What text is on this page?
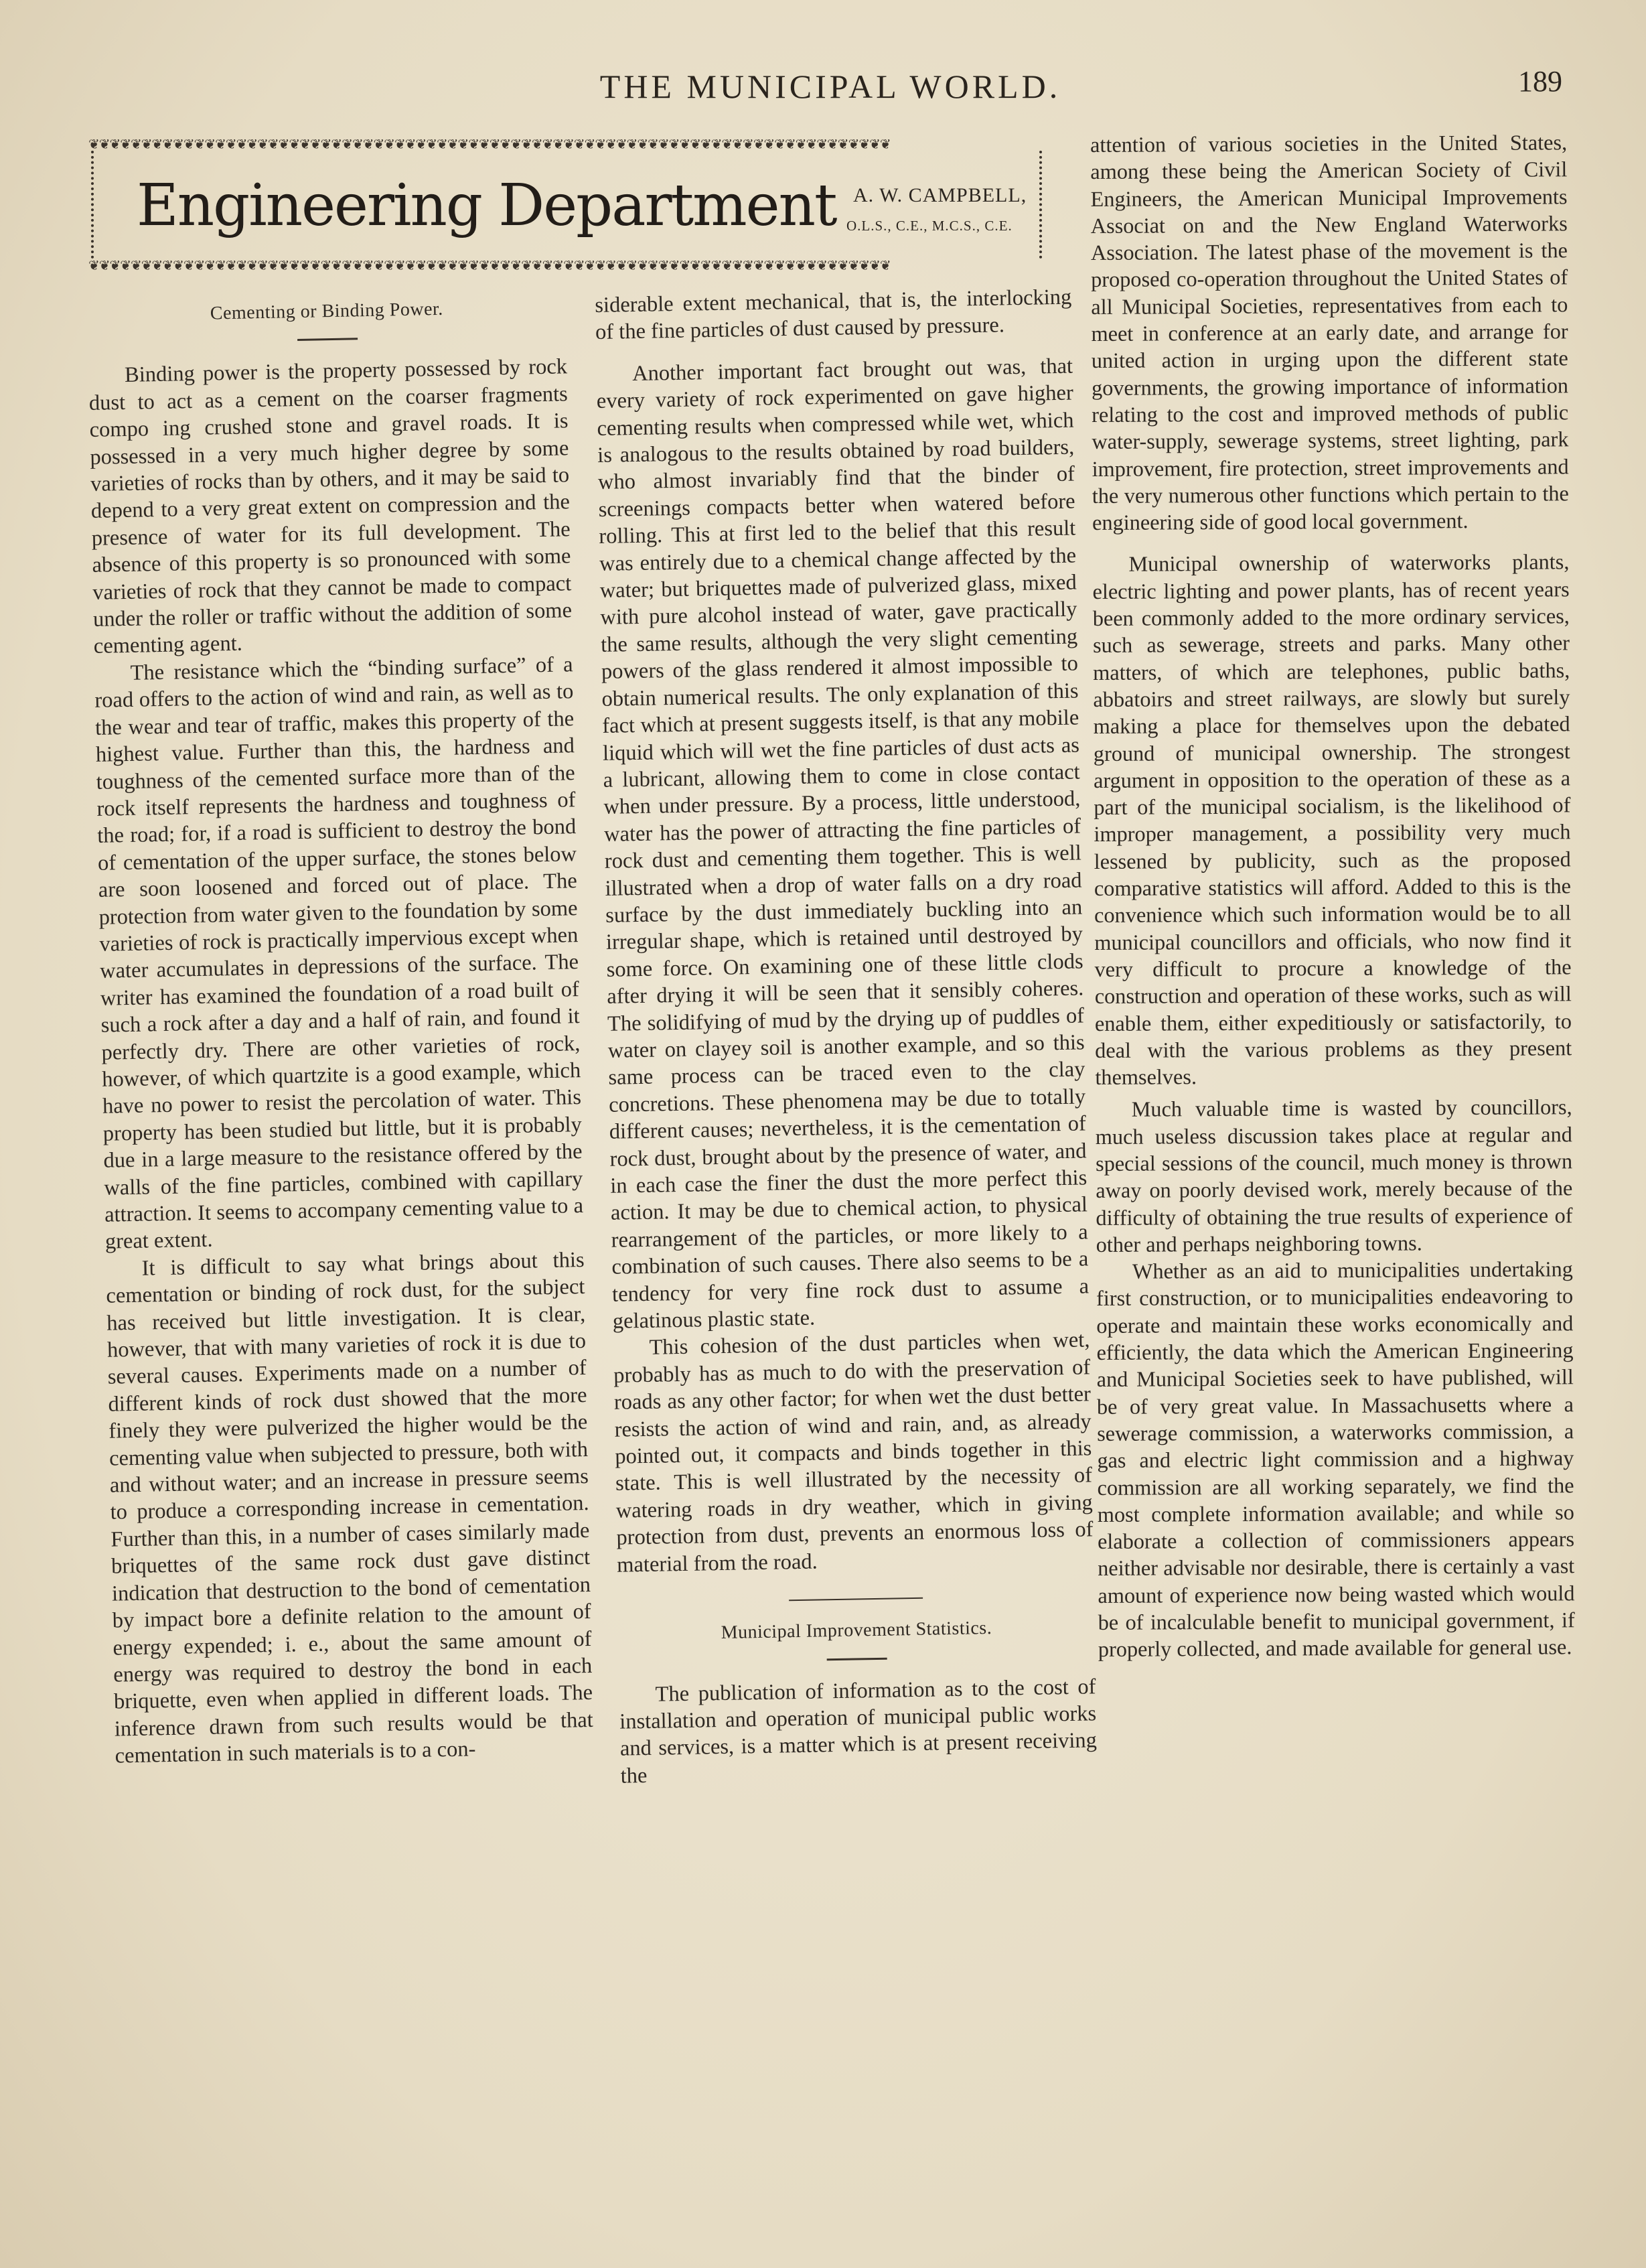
THE MUNICIPAL WORLD.	189
❦❦❦❦❦❦❦❦❦❦❦❦❦❦❦❦❦❦❦❦❦❦❦❦❦❦❦❦❦❦❦❦❦❦❦❦❦❦❦❦❦❦❦❦❦❦❦❦❦❦❦❦❦❦❦❦❦❦❦❦❦❦❦❦❦❦❦❦❦❦❦❦❦❦❦❦
Engineering Department A. W. CAMPBELL,
O.L.S., C.E., M.C.S., C.E.
❦❦❦❦❦❦❦❦❦❦❦❦❦❦❦❦❦❦❦❦❦❦❦❦❦❦❦❦❦❦❦❦❦❦❦❦❦❦❦❦❦❦❦❦❦❦❦❦❦❦❦❦❦❦❦❦❦❦❦❦❦❦❦❦❦❦❦❦❦❦❦❦❦❦❦❦

Cementing or Binding Power.

Binding power is the property possessed by rock dust to act as a cement on the coarser fragments compo ing crushed stone and gravel roads. It is possessed in a very much higher degree by some varieties of rocks than by others, and it may be said to depend to a very great extent on compression and the presence of water for its full development. The absence of this property is so pronounced with some varieties of rock that they cannot be made to compact under the roller or traffic without the addition of some cementing agent.

The resistance which the “binding surface” of a road offers to the action of wind and rain, as well as to the wear and tear of traffic, makes this property of the highest value. Further than this, the hardness and toughness of the cemented surface more than of the rock itself represents the hardness and toughness of the road; for, if a road is sufficient to destroy the bond of cementation of the upper surface, the stones below are soon loosened and forced out of place. The protection from water given to the foundation by some varieties of rock is practically impervious except when water accumulates in depressions of the surface. The writer has examined the foundation of a road built of such a rock after a day and a half of rain, and found it perfectly dry. There are other varieties of rock, however, of which quartzite is a good example, which have no power to resist the percolation of water. This property has been studied but little, but it is probably due in a large measure to the resistance offered by the walls of the fine particles, combined with capillary attraction. It seems to accompany cementing value to a great extent.

It is difficult to say what brings about this cementation or binding of rock dust, for the subject has received but little investigation. It is clear, however, that with many varieties of rock it is due to several causes. Experiments made on a number of different kinds of rock dust showed that the more finely they were pulverized the higher would be the cementing value when subjected to pressure, both with and without water; and an increase in pressure seems to produce a corresponding increase in cementation. Further than this, in a number of cases similarly made briquettes of the same rock dust gave distinct indication that destruction to the bond of cementation by impact bore a definite relation to the amount of energy expended; i. e., about the same amount of energy was required to destroy the bond in each briquette, even when applied in different loads. The inference drawn from such results would be that cementation in such materials is to a con-

siderable extent mechanical, that is, the interlocking of the fine particles of dust caused by pressure.

Another important fact brought out was, that every variety of rock experimented on gave higher cementing results when compressed while wet, which is analogous to the results obtained by road builders, who almost invariably find that the binder of screenings compacts better when watered before rolling. This at first led to the belief that this result was entirely due to a chemical change affected by the water; but briquettes made of pulverized glass, mixed with pure alcohol instead of water, gave practically the same results, although the very slight cementing powers of the glass rendered it almost impossible to obtain numerical results. The only explanation of this fact which at present suggests itself, is that any mobile liquid which will wet the fine particles of dust acts as a lubricant, allowing them to come in close contact when under pressure. By a process, little understood, water has the power of attracting the fine particles of rock dust and cementing them together. This is well illustrated when a drop of water falls on a dry road surface by the dust immediately buckling into an irregular shape, which is retained until destroyed by some force. On examining one of these little clods after drying it will be seen that it sensibly coheres. The solidifying of mud by the drying up of puddles of water on clayey soil is another example, and so this same process can be traced even to the clay concretions. These phenomena may be due to totally different causes; nevertheless, it is the cementation of rock dust, brought about by the presence of water, and in each case the finer the dust the more perfect this action. It may be due to chemical action, to physical rearrangement of the particles, or more likely to a combination of such causes. There also seems to be a tendency for very fine rock dust to assume a gelatinous plastic state.

This cohesion of the dust particles when wet, probably has as much to do with the preservation of roads as any other factor; for when wet the dust better resists the action of wind and rain, and, as already pointed out, it compacts and binds together in this state. This is well illustrated by the necessity of watering roads in dry weather, which in giving protection from dust, prevents an enormous loss of material from the road.

Municipal Improvement Statistics.

The publication of information as to the cost of installation and operation of municipal public works and services, is a matter which is at present receiving the

attention of various societies in the United States, among these being the American Society of Civil Engineers, the American Municipal Improvements Associat on and the New England Waterworks Association. The latest phase of the movement is the proposed co-operation throughout the United States of all Municipal Societies, representatives from each to meet in conference at an early date, and arrange for united action in urging upon the different state governments, the growing importance of information relating to the cost and improved methods of public water-supply, sewerage systems, street lighting, park improvement, fire protection, street improvements and the very numerous other functions which pertain to the engineering side of good local government.

Municipal ownership of waterworks plants, electric lighting and power plants, has of recent years been commonly added to the more ordinary services, such as sewerage, streets and parks. Many other matters, of which are telephones, public baths, abbatoirs and street railways, are slowly but surely making a place for themselves upon the debated ground of municipal ownership. The strongest argument in opposition to the operation of these as a part of the municipal socialism, is the likelihood of improper management, a possibility very much lessened by publicity, such as the proposed comparative statistics will afford. Added to this is the convenience which such information would be to all municipal councillors and officials, who now find it very difficult to procure a knowledge of the construction and operation of these works, such as will enable them, either expeditiously or satisfactorily, to deal with the various problems as they present themselves.

Much valuable time is wasted by councillors, much useless discussion takes place at regular and special sessions of the council, much money is thrown away on poorly devised work, merely because of the difficulty of obtaining the true results of experience of other and perhaps neighboring towns.

Whether as an aid to municipalities undertaking first construction, or to municipalities endeavoring to operate and maintain these works economically and efficiently, the data which the American Engineering and Municipal Societies seek to have published, will be of very great value. In Massachusetts where a sewerage commission, a waterworks commission, a gas and electric light commission and a highway commission are all working separately, we find the most complete information available; and while so elaborate a collection of commissioners appears neither advisable nor desirable, there is certainly a vast amount of experience now being wasted which would be of incalculable benefit to municipal government, if properly collected, and made available for general use.
